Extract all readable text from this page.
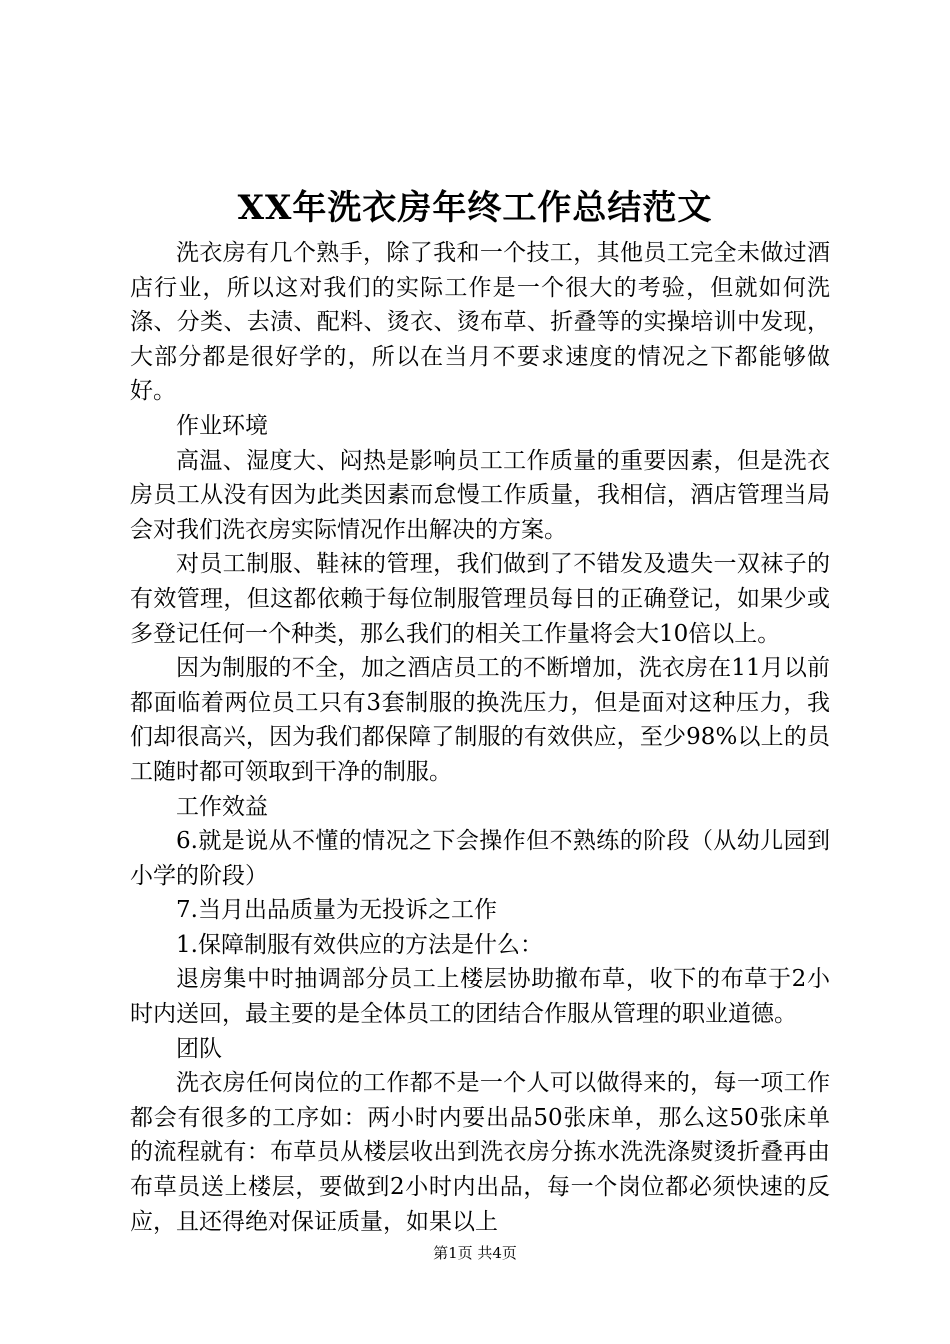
XX年洗衣房年终工作总结范文

洗衣房有几个熟手，除了我和一个技工，其他员工完全未做过酒店行业，所以这对我们的实际工作是一个很大的考验，但就如何洗涤、分类、去渍、配料、烫衣、烫布草、折叠等的实操培训中发现，大部分都是很好学的，所以在当月不要求速度的情况之下都能够做好。

作业环境

高温、湿度大、闷热是影响员工工作质量的重要因素，但是洗衣房员工从没有因为此类因素而怠慢工作质量，我相信，酒店管理当局会对我们洗衣房实际情况作出解决的方案。

对员工制服、鞋袜的管理，我们做到了不错发及遗失一双袜子的有效管理，但这都依赖于每位制服管理员每日的正确登记，如果少或多登记任何一个种类，那么我们的相关工作量将会大10倍以上。

因为制服的不全，加之酒店员工的不断增加，洗衣房在11月以前都面临着两位员工只有3套制服的换洗压力，但是面对这种压力，我们却很高兴，因为我们都保障了制服的有效供应，至少98%以上的员工随时都可领取到干净的制服。

工作效益

6.就是说从不懂的情况之下会操作但不熟练的阶段（从幼儿园到小学的阶段）

7.当月出品质量为无投诉之工作

1.保障制服有效供应的方法是什么：

退房集中时抽调部分员工上楼层协助撤布草，收下的布草于2小时内送回，最主要的是全体员工的团结合作服从管理的职业道德。

团队

洗衣房任何岗位的工作都不是一个人可以做得来的，每一项工作都会有很多的工序如：两小时内要出品50张床单，那么这50张床单的流程就有：布草员从楼层收出到洗衣房分拣水洗洗涤熨烫折叠再由布草员送上楼层，要做到2小时内出品，每一个岗位都必须快速的反应，且还得绝对保证质量，如果以上

第1页 共4页
